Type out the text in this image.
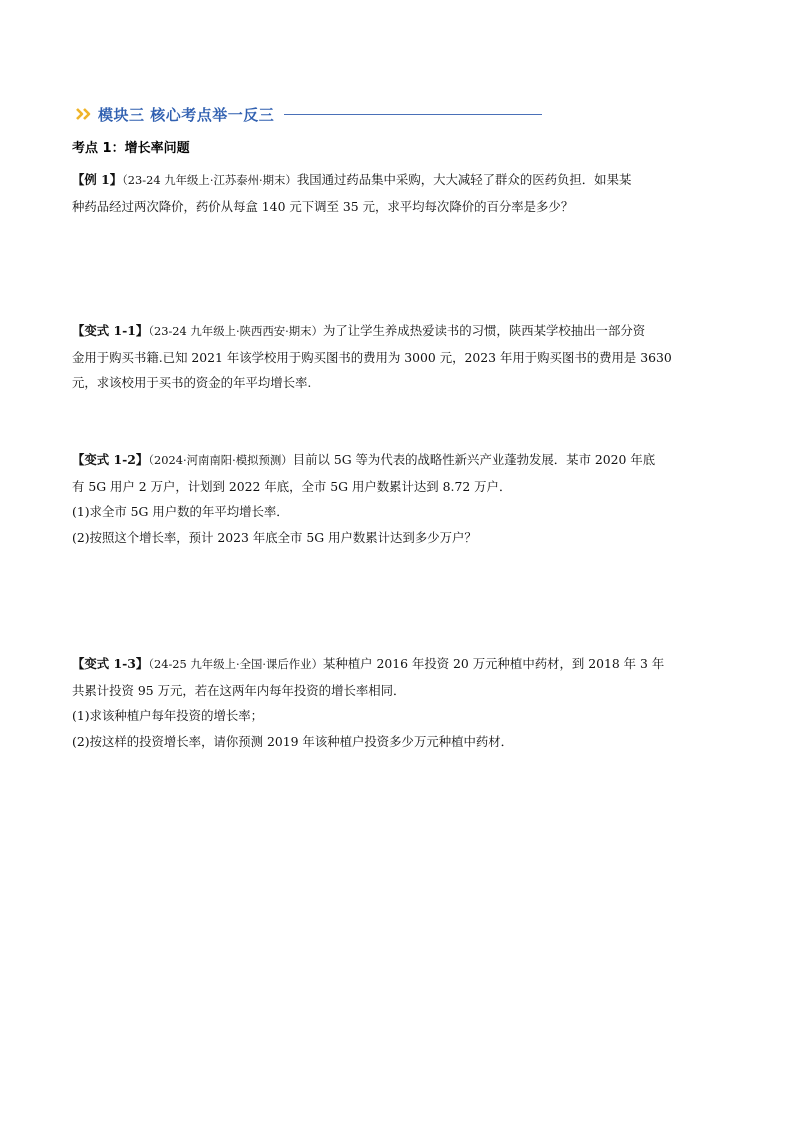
模块三 核心考点举一反三
考点 1：增长率问题

【例 1】（23-24 九年级上·江苏泰州·期末）我国通过药品集中采购，大大减轻了群众的医药负担．如果某

种药品经过两次降价，药价从每盒 140 元下调至 35 元，求平均每次降价的百分率是多少？

【变式 1-1】（23-24 九年级上·陕西西安·期末）为了让学生养成热爱读书的习惯，陕西某学校抽出一部分资

金用于购买书籍.已知 2021 年该学校用于购买图书的费用为 3000 元，2023 年用于购买图书的费用是 3630

元，求该校用于买书的资金的年平均增长率.

【变式 1-2】（2024·河南南阳·模拟预测）目前以 5G 等为代表的战略性新兴产业蓬勃发展．某市 2020 年底

有 5G 用户 2 万户，计划到 2022 年底，全市 5G 用户数累计达到 8.72 万户．

(1)求全市 5G 用户数的年平均增长率．

(2)按照这个增长率，预计 2023 年底全市 5G 用户数累计达到多少万户？

【变式 1-3】（24-25 九年级上·全国·课后作业）某种植户 2016 年投资 20 万元种植中药材，到 2018 年 3 年

共累计投资 95 万元，若在这两年内每年投资的增长率相同．

(1)求该种植户每年投资的增长率；

(2)按这样的投资增长率，请你预测 2019 年该种植户投资多少万元种植中药材．
